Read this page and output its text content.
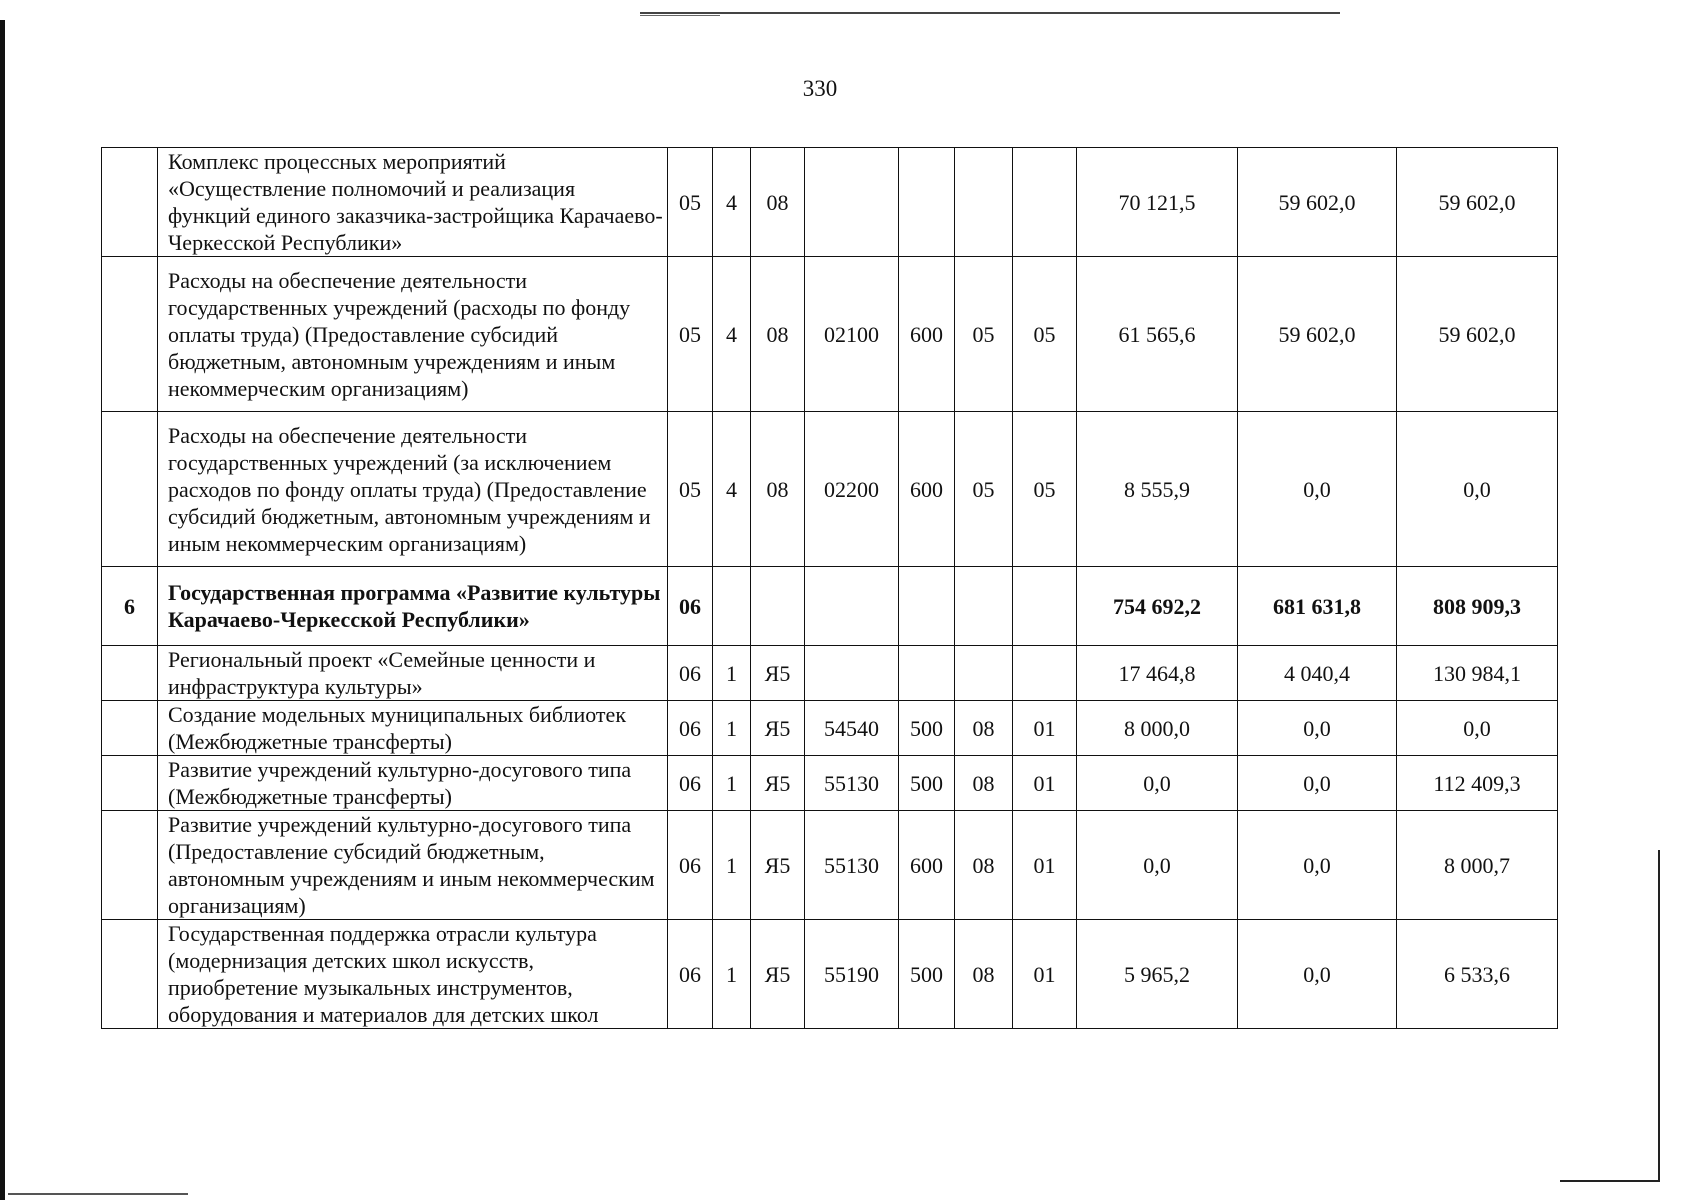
330
	Комплекс процессных мероприятий «Осуществление полномочий и реализация функций единого заказчика-застройщика Карачаево-Черкесской Республики»	05	4	08					70 121,5	59 602,0	59 602,0
	Расходы на обеспечение деятельности государственных учреждений (расходы по фонду оплаты труда) (Предоставление субсидий бюджетным, автономным учреждениям и иным некоммерческим организациям)	05	4	08	02100	600	05	05	61 565,6	59 602,0	59 602,0
	Расходы на обеспечение деятельности государственных учреждений (за исключением расходов по фонду оплаты труда) (Предоставление субсидий бюджетным, автономным учреждениям и иным некоммерческим организациям)	05	4	08	02200	600	05	05	8 555,9	0,0	0,0
6	Государственная программа «Развитие культуры Карачаево-Черкесской Республики»	06							754 692,2	681 631,8	808 909,3
	Региональный проект «Семейные ценности и инфраструктура культуры»	06	1	Я5					17 464,8	4 040,4	130 984,1
	Создание модельных муниципальных библиотек (Межбюджетные трансферты)	06	1	Я5	54540	500	08	01	8 000,0	0,0	0,0
	Развитие учреждений культурно-досугового типа (Межбюджетные трансферты)	06	1	Я5	55130	500	08	01	0,0	0,0	112 409,3
	Развитие учреждений культурно-досугового типа (Предоставление субсидий бюджетным, автономным учреждениям и иным некоммерческим организациям)	06	1	Я5	55130	600	08	01	0,0	0,0	8 000,7
	Государственная поддержка отрасли культура (модернизация детских школ искусств, приобретение музыкальных инструментов, оборудования и материалов для детских школ	06	1	Я5	55190	500	08	01	5 965,2	0,0	6 533,6
